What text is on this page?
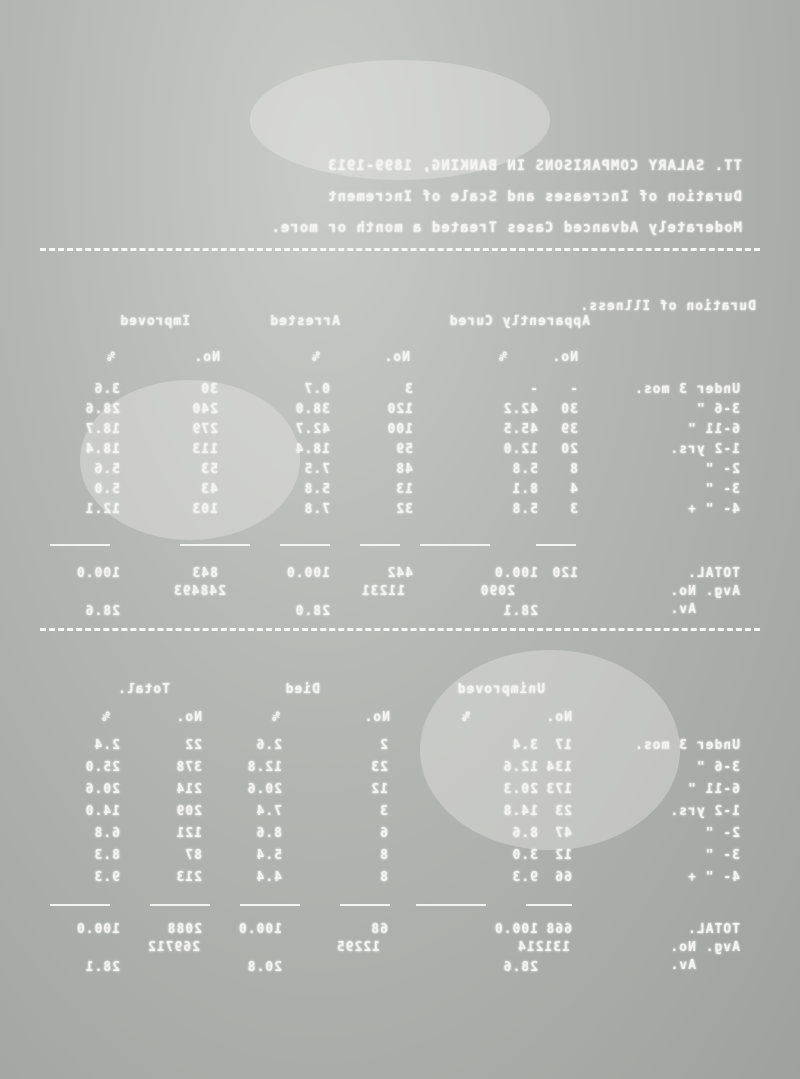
TT. SALARY COMPARISONS IN BANKING, 1899-1913
Duration of Increases and Scale of Increment
Moderately Advanced Cases Treated a month or more.
Duration of Illness.
Apparently Cured
Arrested
Improved
No.
%
No.
%
No.
%
Under 3 mos.
-
-
3
0.7
30
3.6
3-6 "
30
42.2
120
38.0
240
28.6
6-11 "
39
45.5
100
42.7
279
18.7
1-2 yrs.
20
12.0
59
18.4
113
18.4
2- "
8
5.8
48
7.5
53
5.6
3- "
4
8.1
13
5.8
43
5.0
4- " +
3
5.8
32
7.8
103
12.1
120
100.0
442
100.0
843
100.0
2090
11231
248493
28.1
28.0
28.6
TOTAL.
Avg. No.
Av.
Unimproved
Died
Total.
No.
%
No.
%
No.
%
Under 3 mos.
17
3.4
2
2.6
22
2.4
3-6 "
134
12.6
23
12.8
378
25.0
6-11 "
173
20.3
12
20.6
214
20.6
1-2 yrs.
23
14.8
3
7.4
209
14.0
2- "
47
8.6
6
8.6
121
6.8
3- "
12
3.0
8
5.4
87
8.3
4- " +
66
9.3
8
4.4
213
9.3
668
100.0
68
100.0
2088
100.0
131214
12295
269712
28.6
20.8
28.1
TOTAL.
Avg. No.
Av.
